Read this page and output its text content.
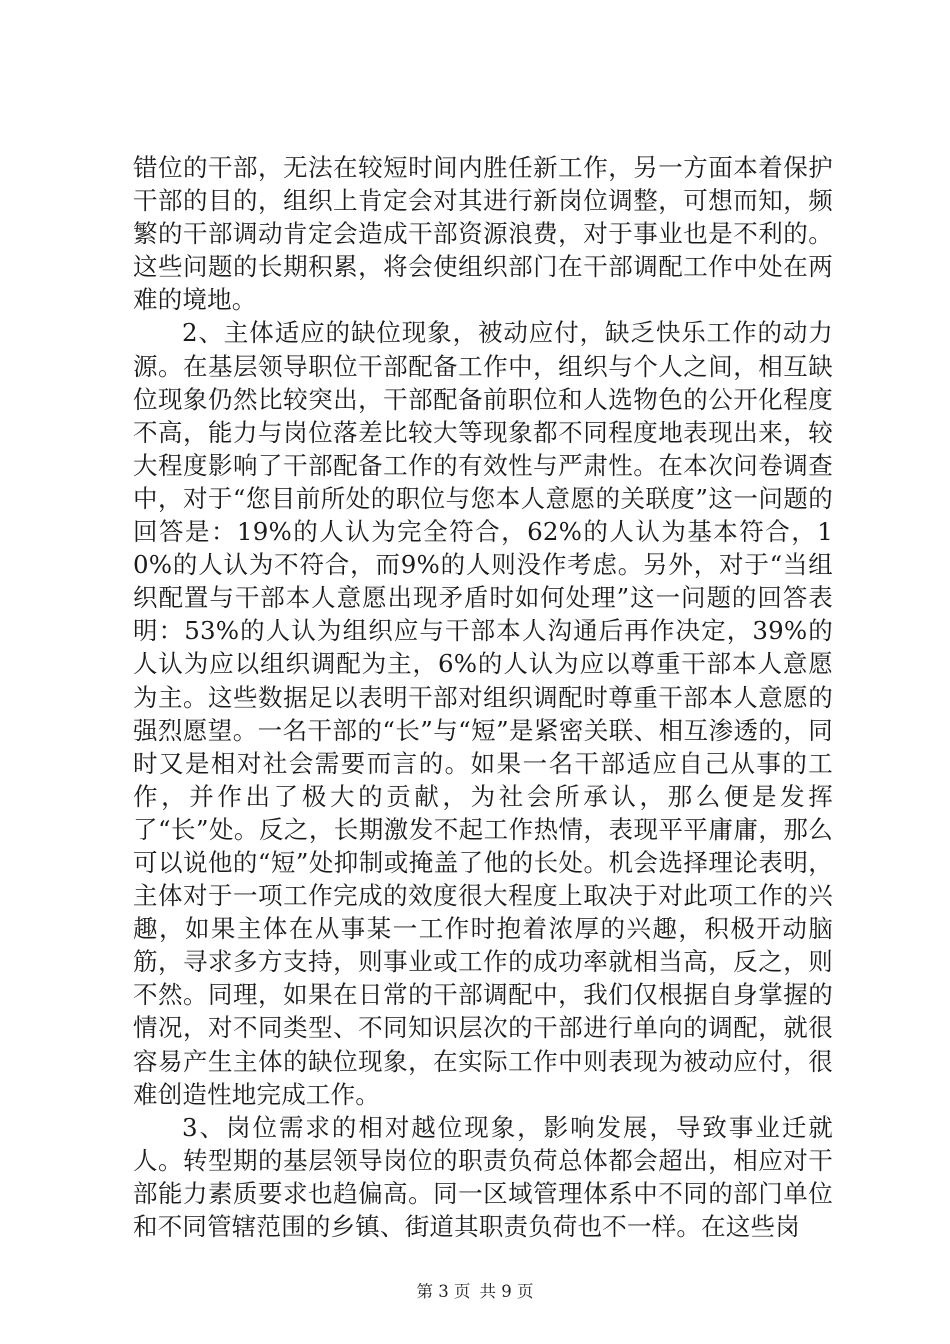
错位的干部，无法在较短时间内胜任新工作，另一方面本着保护干部的目的，组织上肯定会对其进行新岗位调整，可想而知，频繁的干部调动肯定会造成干部资源浪费，对于事业也是不利的。这些问题的长期积累，将会使组织部门在干部调配工作中处在两难的境地。

2、主体适应的缺位现象，被动应付，缺乏快乐工作的动力源。在基层领导职位干部配备工作中，组织与个人之间，相互缺位现象仍然比较突出，干部配备前职位和人选物色的公开化程度不高，能力与岗位落差比较大等现象都不同程度地表现出来，较大程度影响了干部配备工作的有效性与严肃性。在本次问卷调查中，对于“您目前所处的职位与您本人意愿的关联度”这一问题的回答是：19%的人认为完全符合，62%的人认为基本符合，10%的人认为不符合，而9%的人则没作考虑。另外，对于“当组织配置与干部本人意愿出现矛盾时如何处理”这一问题的回答表明：53%的人认为组织应与干部本人沟通后再作决定，39%的人认为应以组织调配为主，6%的人认为应以尊重干部本人意愿为主。这些数据足以表明干部对组织调配时尊重干部本人意愿的强烈愿望。一名干部的“长”与“短”是紧密关联、相互渗透的，同时又是相对社会需要而言的。如果一名干部适应自己从事的工作，并作出了极大的贡献，为社会所承认，那么便是发挥了“长”处。反之，长期激发不起工作热情，表现平平庸庸，那么可以说他的“短”处抑制或掩盖了他的长处。机会选择理论表明，主体对于一项工作完成的效度很大程度上取决于对此项工作的兴趣，如果主体在从事某一工作时抱着浓厚的兴趣，积极开动脑筋，寻求多方支持，则事业或工作的成功率就相当高，反之，则不然。同理，如果在日常的干部调配中，我们仅根据自身掌握的情况，对不同类型、不同知识层次的干部进行单向的调配，就很容易产生主体的缺位现象，在实际工作中则表现为被动应付，很难创造性地完成工作。

3、岗位需求的相对越位现象，影响发展，导致事业迁就人。转型期的基层领导岗位的职责负荷总体都会超出，相应对干部能力素质要求也趋偏高。同一区域管理体系中不同的部门单位和不同管辖范围的乡镇、街道其职责负荷也不一样。在这些岗

第 3 页 共 9 页
